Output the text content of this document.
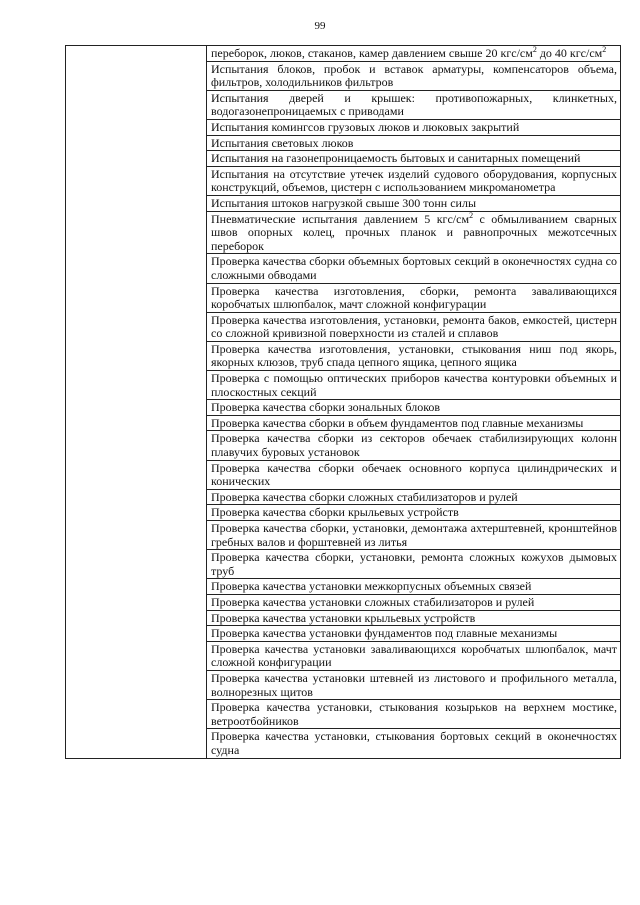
99

переборок, люков, стаканов, камер давлением свыше 20 кгс/$см^2$ до 40 кгс/$см^2$

Испытания блоков, пробок и вставок арматуры, компенсаторов объема, фильтров, холодильников фильтров

Испытания дверей и крышек: противопожарных, клинкетных, водогазонепроницаемых с приводами

Испытания комингсов грузовых люков и люковых закрытий

Испытания световых люков

Испытания на газонепроницаемость бытовых и санитарных помещений

Испытания на отсутствие утечек изделий судового оборудования, корпусных конструкций, объемов, цистерн с использованием микроманометра

Испытания штоков нагрузкой свыше 300 тонн силы

Пневматические испытания давлением 5 кгс/$см^2$ с обмыливанием сварных швов опорных колец, прочных планок и равнопрочных межотсечных переборок

Проверка качества сборки объемных бортовых секций в оконечностях судна со сложными обводами

Проверка качества изготовления, сборки, ремонта заваливающихся коробчатых шлюпбалок, мачт сложной конфигурации

Проверка качества изготовления, установки, ремонта баков, емкостей, цистерн со сложной кривизной поверхности из сталей и сплавов

Проверка качества изготовления, установки, стыкования ниш под якорь, якорных клюзов, труб спада цепного ящика, цепного ящика

Проверка с помощью оптических приборов качества контуровки объемных и плоскостных секций

Проверка качества сборки зональных блоков

Проверка качества сборки в объем фундаментов под главные механизмы

Проверка качества сборки из секторов обечаек стабилизирующих колонн плавучих буровых установок

Проверка качества сборки обечаек основного корпуса цилиндрических и конических

Проверка качества сборки сложных стабилизаторов и рулей

Проверка качества сборки крыльевых устройств

Проверка качества сборки, установки, демонтажа ахтерштевней, кронштейнов гребных валов и форштевней из литья

Проверка качества сборки, установки, ремонта сложных кожухов дымовых труб

Проверка качества установки межкорпусных объемных связей

Проверка качества установки сложных стабилизаторов и рулей

Проверка качества установки крыльевых устройств

Проверка качества установки фундаментов под главные механизмы

Проверка качества установки заваливающихся коробчатых шлюпбалок, мачт сложной конфигурации

Проверка качества установки штевней из листового и профильного металла, волнорезных щитов

Проверка качества установки, стыкования козырьков на верхнем мостике, ветроотбойников

Проверка качества установки, стыкования бортовых секций в оконечностях судна
